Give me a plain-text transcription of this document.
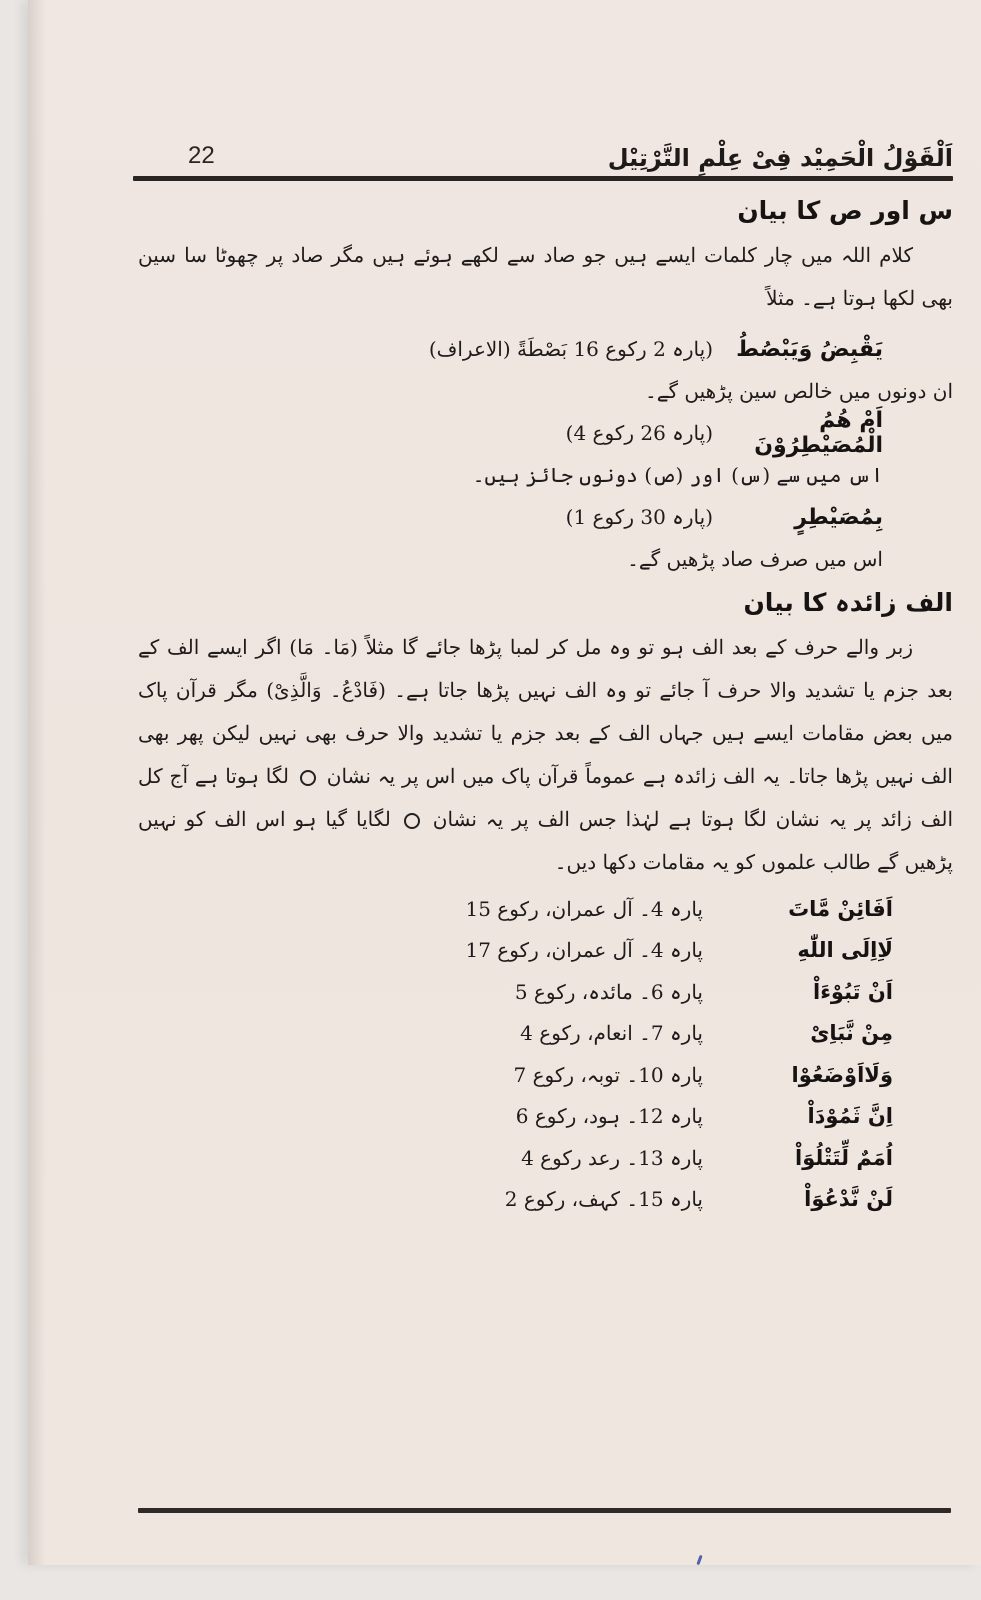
22	اَلْقَوْلُ الْحَمِیْد فِیْ عِلْمِ التَّرْتِیْل
س اور ص کا بیان

کلام اللہ میں چار کلمات ایسے ہیں جو صاد سے لکھے ہوئے ہیں مگر صاد پر چھوٹا سا سین بھی لکھا ہوتا ہے۔ مثلاً

یَقْبِضُ وَیَبْصُطُ
(پارہ 2 رکوع 16 بَصْطَةً (الاعراف)

ان دونوں میں خالص سین پڑھیں گے۔

اَمْ هُمُ الْمُصَیْطِرُوْنَ
(پارہ 26 رکوع 4)

اس میں سے (س) اور (ص) دونوں جائز ہیں۔

بِمُصَیْطِرٍ
(پارہ 30 رکوع 1)

اس میں صرف صاد پڑھیں گے۔

الف زائدہ کا بیان

زبر والے حرف کے بعد الف ہو تو وہ مل کر لمبا پڑھا جائے گا مثلاً (مَا۔ مَا) اگر ایسے الف کے بعد جزم یا تشدید والا حرف آ جائے تو وہ الف نہیں پڑھا جاتا ہے۔ (فَادْعُ۔ وَالَّذِیْ) مگر قرآن پاک میں بعض مقامات ایسے ہیں جہاں الف کے بعد جزم یا تشدید والا حرف بھی نہیں لیکن پھر بھی الف نہیں پڑھا جاتا۔ یہ الف زائدہ ہے عموماً قرآن پاک میں اس پر یہ نشان  لگا ہوتا ہے آج کل الف زائد پر یہ نشان لگا ہوتا ہے لہٰذا جس الف پر یہ نشان  لگایا گیا ہو اس الف کو نہیں پڑھیں گے طالب علموں کو یہ مقامات دکھا دیں۔

اَفَائِنْ مَّاتَ
پارہ 4۔ آل عمران، رکوع 15
لَاِاِلَی اللّٰهِ
پارہ 4۔ آل عمران، رکوع 17
اَنْ تَبُوْءَاْ
پارہ 6۔ مائدہ، رکوع 5
مِنْ نَّبَاِیْ
پارہ 7۔ انعام، رکوع 4
وَلَااَوْضَعُوْا
پارہ 10۔ توبہ، رکوع 7
اِنَّ ثَمُوْدَاْ
پارہ 12۔ ہود، رکوع 6
اُمَمٌ لِّتَتْلُوَاْ
پارہ 13۔ رعد رکوع 4
لَنْ نَّدْعُوَاْ
پارہ 15۔ کہف، رکوع 2
